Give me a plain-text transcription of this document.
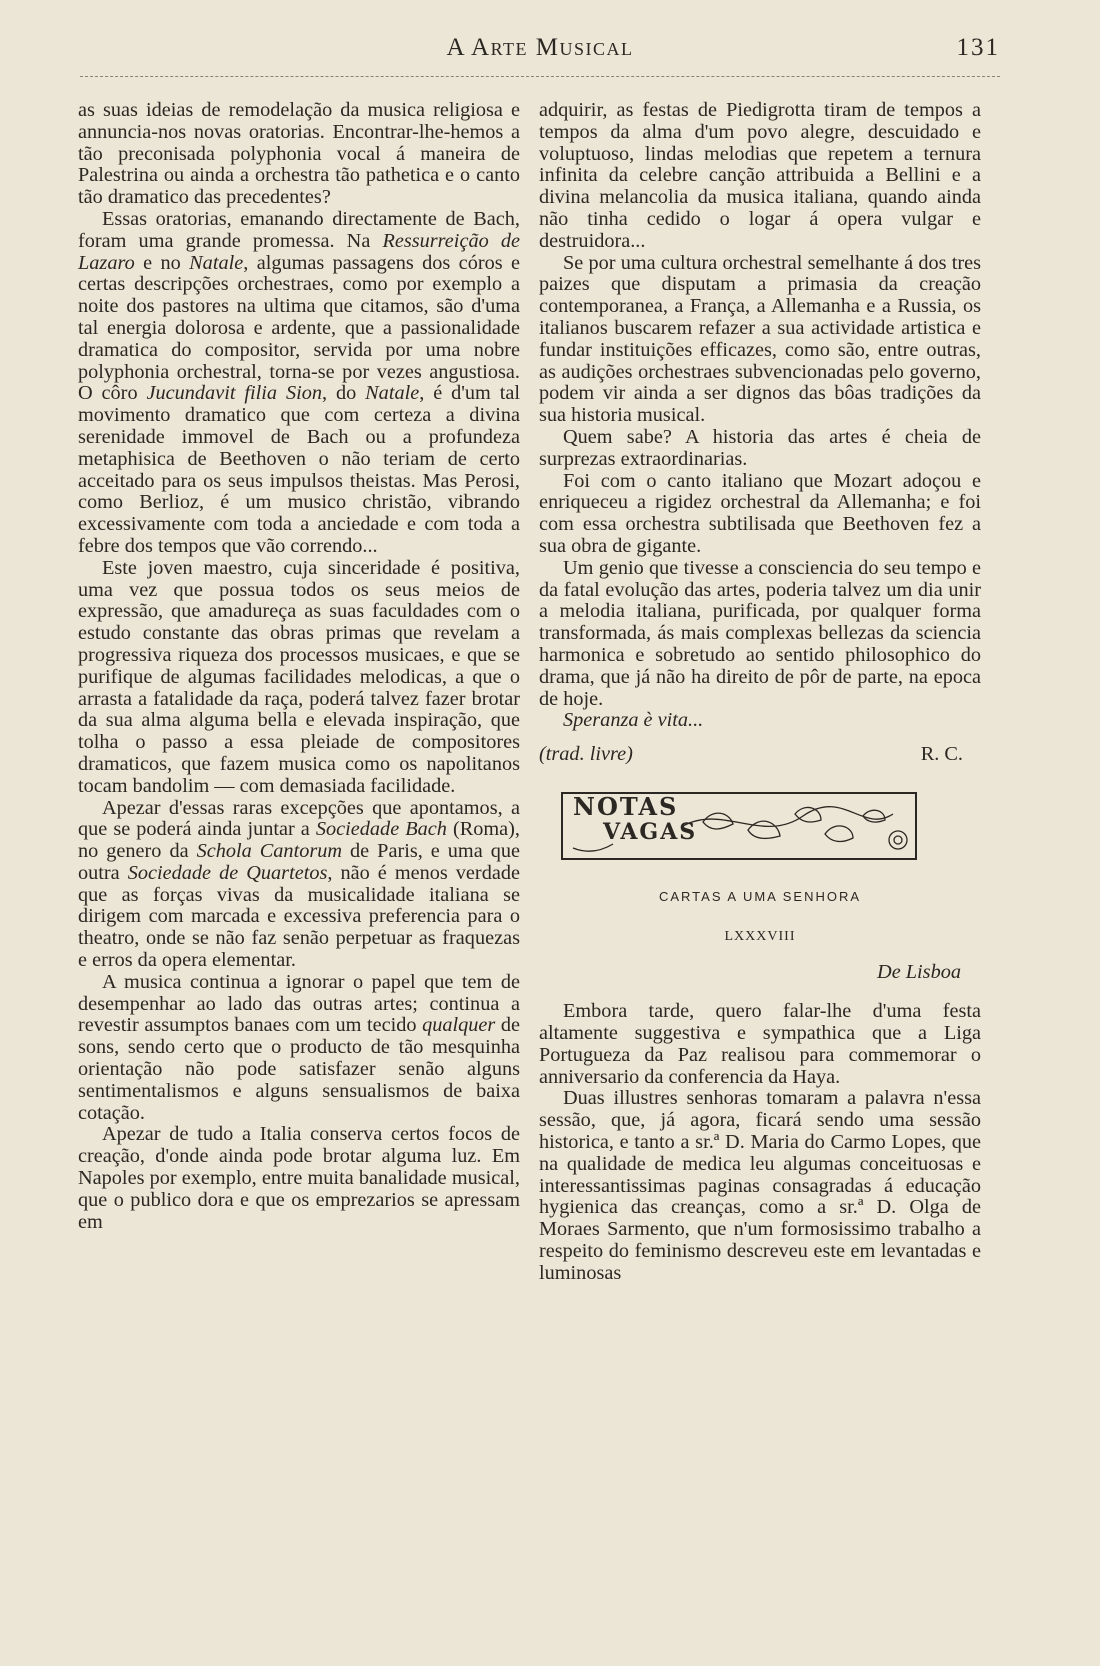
A Arte Musical	131

as suas ideias de remodelação da musica religiosa e annuncia-nos novas oratorias. Encontrar-lhe-hemos a tão preconisada polyphonia vocal á maneira de Palestrina ou ainda a orchestra tão pathetica e o canto tão dramatico das precedentes?

Essas oratorias, emanando directamente de Bach, foram uma grande promessa. Na Ressurreição de Lazaro e no Natale, algumas passagens dos córos e certas descripções orchestraes, como por exemplo a noite dos pastores na ultima que citamos, são d'uma tal energia dolorosa e ardente, que a passionalidade dramatica do compositor, servida por uma nobre polyphonia orchestral, torna-se por vezes angustiosa. O côro Jucundavit filia Sion, do Natale, é d'um tal movimento dramatico que com certeza a divina serenidade immovel de Bach ou a profundeza metaphisica de Beethoven o não teriam de certo acceitado para os seus impulsos theistas. Mas Perosi, como Berlioz, é um musico christão, vibrando excessivamente com toda a anciedade e com toda a febre dos tempos que vão correndo...

Este joven maestro, cuja sinceridade é positiva, uma vez que possua todos os seus meios de expressão, que amadureça as suas faculdades com o estudo constante das obras primas que revelam a progressiva riqueza dos processos musicaes, e que se purifique de algumas facilidades melodicas, a que o arrasta a fatalidade da raça, poderá talvez fazer brotar da sua alma alguma bella e elevada inspiração, que tolha o passo a essa pleiade de compositores dramaticos, que fazem musica como os napolitanos tocam bandolim — com demasiada facilidade.

Apezar d'essas raras excepções que apontamos, a que se poderá ainda juntar a Sociedade Bach (Roma), no genero da Schola Cantorum de Paris, e uma que outra Sociedade de Quartetos, não é menos verdade que as forças vivas da musicalidade italiana se dirigem com marcada e excessiva preferencia para o theatro, onde se não faz senão perpetuar as fraquezas e erros da opera elementar.

A musica continua a ignorar o papel que tem de desempenhar ao lado das outras artes; continua a revestir assumptos banaes com um tecido qualquer de sons, sendo certo que o producto de tão mesquinha orientação não pode satisfazer senão alguns sentimentalismos e alguns sensualismos de baixa cotação.

Apezar de tudo a Italia conserva certos focos de creação, d'onde ainda pode brotar alguma luz. Em Napoles por exemplo, entre muita banalidade musical, que o publico dora e que os emprezarios se apressam em

adquirir, as festas de Piedigrotta tiram de tempos a tempos da alma d'um povo alegre, descuidado e voluptuoso, lindas melodias que repetem a ternura infinita da celebre canção attribuida a Bellini e a divina melancolia da musica italiana, quando ainda não tinha cedido o logar á opera vulgar e destruidora...

Se por uma cultura orchestral semelhante á dos tres paizes que disputam a primasia da creação contemporanea, a França, a Allemanha e a Russia, os italianos buscarem refazer a sua actividade artistica e fundar instituições efficazes, como são, entre outras, as audições orchestraes subvencionadas pelo governo, podem vir ainda a ser dignos das bôas tradições da sua historia musical.

Quem sabe? A historia das artes é cheia de surprezas extraordinarias.

Foi com o canto italiano que Mozart adoçou e enriqueceu a rigidez orchestral da Allemanha; e foi com essa orchestra subtilisada que Beethoven fez a sua obra de gigante.

Um genio que tivesse a consciencia do seu tempo e da fatal evolução das artes, poderia talvez um dia unir a melodia italiana, purificada, por qualquer forma transformada, ás mais complexas bellezas da sciencia harmonica e sobretudo ao sentido philosophico do drama, que já não ha direito de pôr de parte, na epoca de hoje.

Speranza è vita...

(trad. livre)	R. C.
NOTAS
VAGAS
CARTAS A UMA SENHORA
LXXXVIII
De Lisboa

Embora tarde, quero falar-lhe d'uma festa altamente suggestiva e sympathica que a Liga Portugueza da Paz realisou para commemorar o anniversario da conferencia da Haya.

Duas illustres senhoras tomaram a palavra n'essa sessão, que, já agora, ficará sendo uma sessão historica, e tanto a sr.ª D. Maria do Carmo Lopes, que na qualidade de medica leu algumas conceituosas e interessantissimas paginas consagradas á educação hygienica das creanças, como a sr.ª D. Olga de Moraes Sarmento, que n'um formosissimo trabalho a respeito do feminismo descreveu este em levantadas e luminosas
